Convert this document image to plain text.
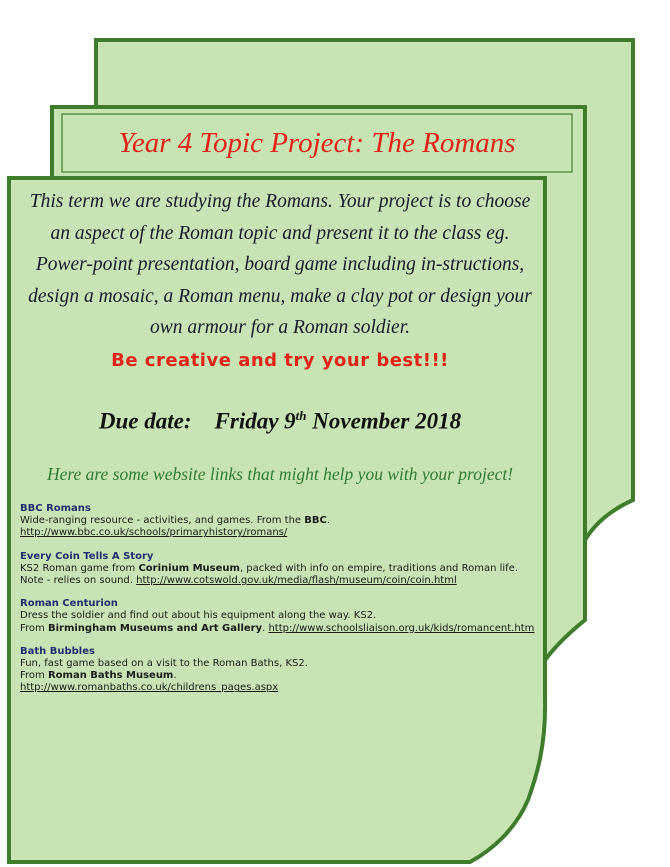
Year 4 Topic Project: The Romans
This term we are studying the Romans. Your project is to choose an aspect of the Roman topic and present it to the class eg. Power-point presentation, board game including in-structions, design a mosaic, a Roman menu, make a clay pot or design your own armour for a Roman soldier.
Be creative and try your best!!!
Due date: Friday 9th November 2018
Here are some website links that might help you with your project!
BBC Romans
Wide-ranging resource - activities, and games. From the BBC.
http://www.bbc.co.uk/schools/primaryhistory/romans/
Every Coin Tells A Story
KS2 Roman game from Corinium Museum, packed with info on empire, traditions and Roman life.
Note - relies on sound. http://www.cotswold.gov.uk/media/flash/museum/coin/coin.html
Roman Centurion
Dress the soldier and find out about his equipment along the way. KS2.
From Birmingham Museums and Art Gallery. http://www.schoolsliaison.org.uk/kids/romancent.htm
Bath Bubbles
Fun, fast game based on a visit to the Roman Baths, KS2.
From Roman Baths Museum.
http://www.romanbaths.co.uk/childrens_pages.aspx
